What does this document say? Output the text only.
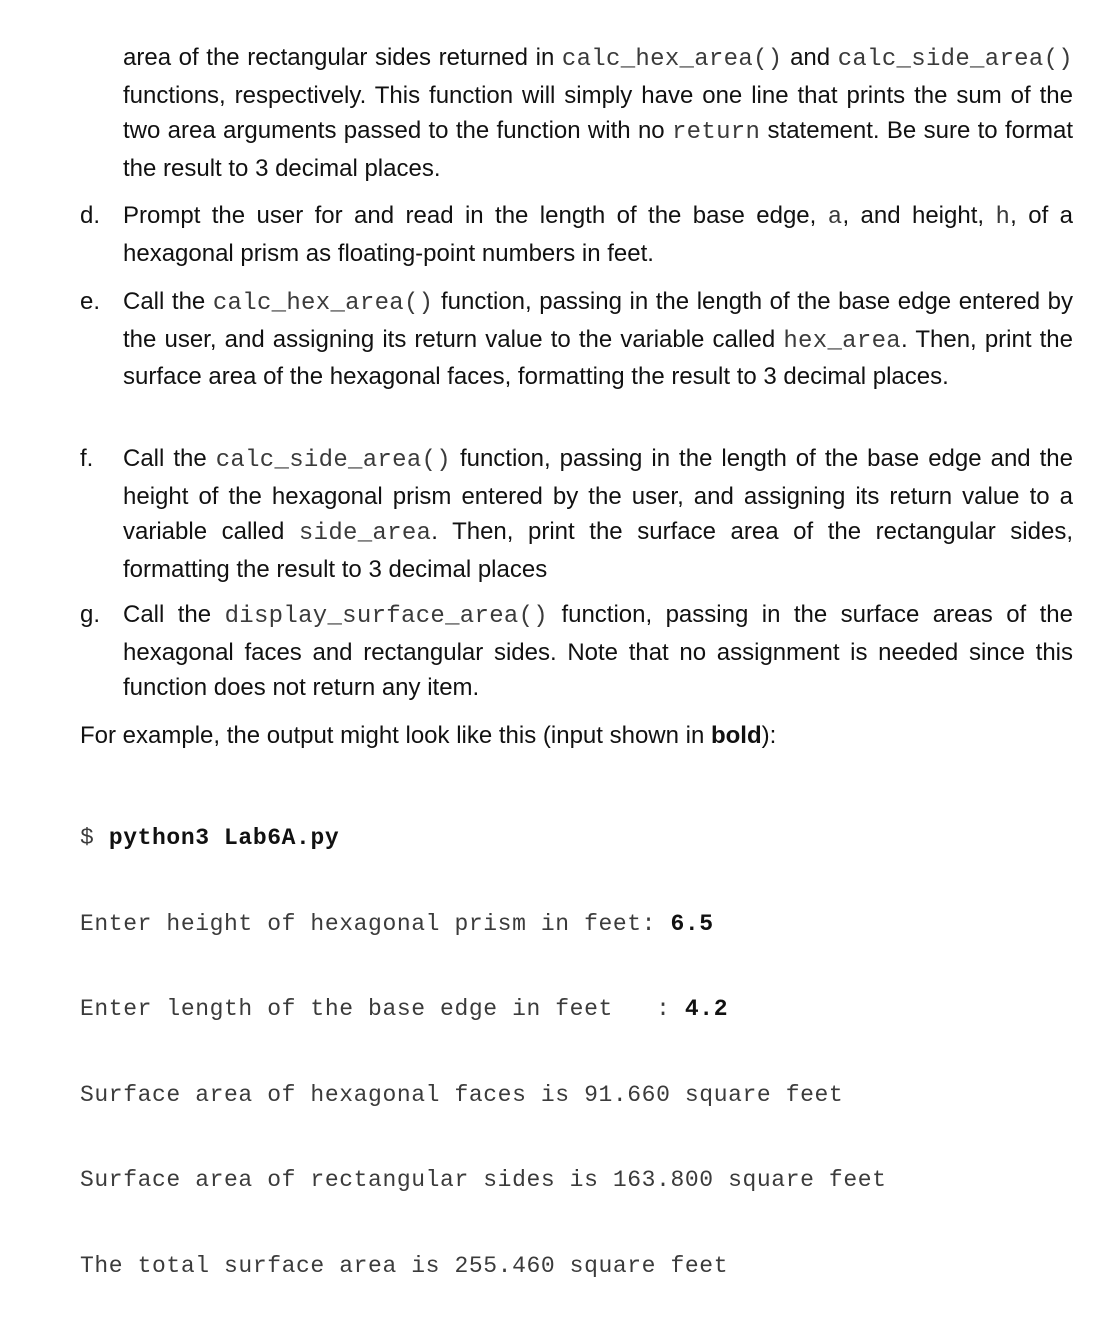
area of the rectangular sides returned in calc_hex_area() and calc_side_area() functions, respectively. This function will simply have one line that prints the sum of the two area arguments passed to the function with no return statement. Be sure to format the result to 3 decimal places.

d. Prompt the user for and read in the length of the base edge, a, and height, h, of a hexagonal prism as floating-point numbers in feet.

e. Call the calc_hex_area() function, passing in the length of the base edge entered by the user, and assigning its return value to the variable called hex_area. Then, print the surface area of the hexagonal faces, formatting the result to 3 decimal places.

f. Call the calc_side_area() function, passing in the length of the base edge and the height of the hexagonal prism entered by the user, and assigning its return value to a variable called side_area. Then, print the surface area of the rectangular sides, formatting the result to 3 decimal places

g. Call the display_surface_area() function, passing in the surface areas of the hexagonal faces and rectangular sides. Note that no assignment is needed since this function does not return any item.

For example, the output might look like this (input shown in bold):

$ python3 Lab6A.py

Enter height of hexagonal prism in feet: 6.5

Enter length of the base edge in feet   : 4.2

Surface area of hexagonal faces is 91.660 square feet

Surface area of rectangular sides is 163.800 square feet

The total surface area is 255.460 square feet
